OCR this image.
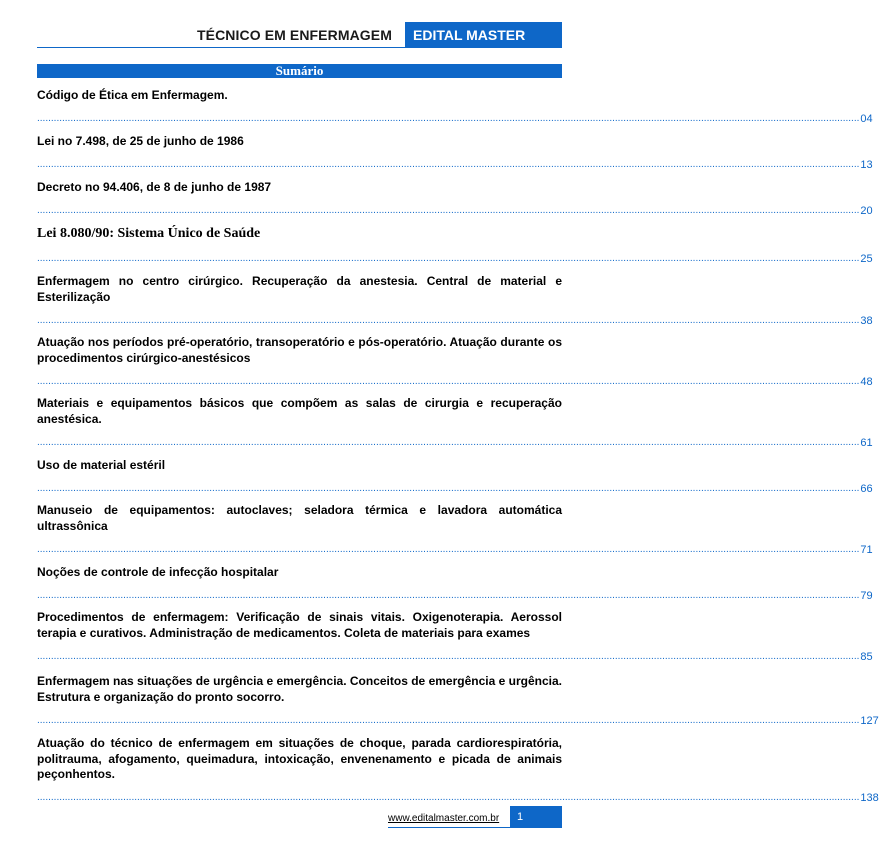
TÉCNICO EM ENFERMAGEM	EDITAL MASTER
Sumário
Código de Ética em Enfermagem.
........................................................................................................................................................................................................................................................................................................ 04
Lei no 7.498, de 25 de junho de 1986
........................................................................................................................................................................................................................................................................................................ 13
Decreto no 94.406, de 8 de junho de 1987
........................................................................................................................................................................................................................................................................................................ 20
Lei 8.080/90: Sistema Único de Saúde
........................................................................................................................................................................................................................................................................................................ 25
Enfermagem no centro cirúrgico. Recuperação da anestesia. Central de material e Esterilização
........................................................................................................................................................................................................................................................................................................ 38
Atuação nos períodos pré-operatório, transoperatório e pós-operatório. Atuação durante os procedimentos cirúrgico-anestésicos
........................................................................................................................................................................................................................................................................................................ 48
Materiais e equipamentos básicos que compõem as salas de cirurgia e recuperação anestésica.
........................................................................................................................................................................................................................................................................................................ 61
Uso de material estéril
........................................................................................................................................................................................................................................................................................................ 66
Manuseio de equipamentos: autoclaves; seladora térmica e lavadora automática ultrassônica
........................................................................................................................................................................................................................................................................................................ 71
Noções de controle de infecção hospitalar
........................................................................................................................................................................................................................................................................................................ 79
Procedimentos de enfermagem: Verificação de sinais vitais. Oxigenoterapia. Aerossol terapia e curativos. Administração de medicamentos. Coleta de materiais para exames
........................................................................................................................................................................................................................................................................................................ 85
Enfermagem nas situações de urgência e emergência. Conceitos de emergência e urgência. Estrutura e organização do pronto socorro.
........................................................................................................................................................................................................................................................................................................ 127
Atuação do técnico de enfermagem em situações de choque, parada cardiorespiratória, politrauma, afogamento, queimadura, intoxicação, envenenamento e picada de animais peçonhentos.
........................................................................................................................................................................................................................................................................................................ 138
www.editalmaster.com.br	1
